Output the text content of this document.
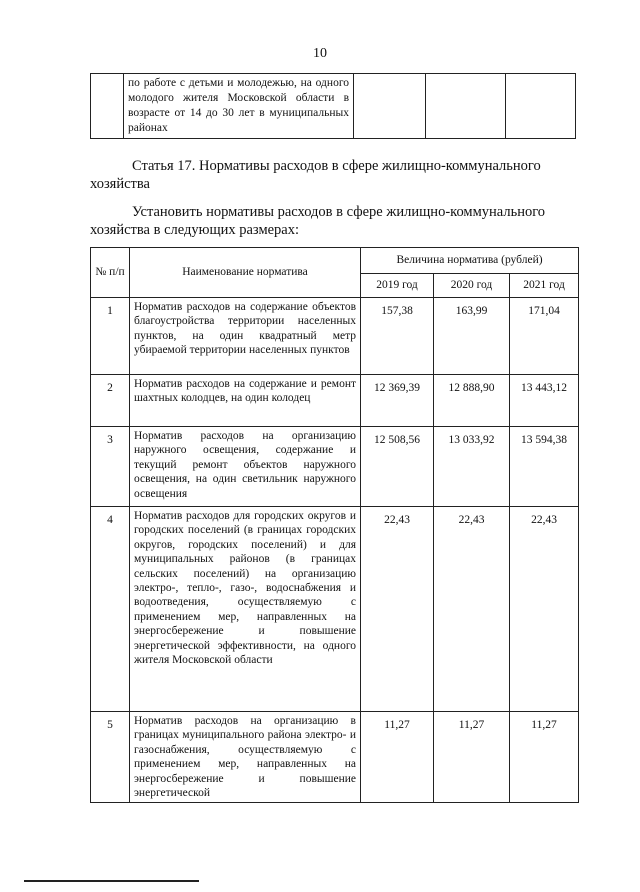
10
	по работе с детьми и молодежью, на одного молодого жителя Московской области в возрасте от 14 до 30 лет в муниципальных районах			
Статья 17. Нормативы расходов в сфере жилищно-коммунального
хозяйства
Установить нормативы расходов в сфере жилищно-коммунального
хозяйства в следующих размерах:
№ п/п	Наименование норматива	Величина норматива (рублей)		
		2019 год	2020 год	2021 год
1	Норматив расходов на содержание объектов благоустройства территории населенных пунктов, на один квадратный метр убираемой территории населенных пунктов	157,38	163,99	171,04
2	Норматив расходов на содержание и ремонт шахтных колодцев, на один колодец	12 369,39	12 888,90	13 443,12
3	Норматив расходов на организацию наружного освещения, содержание и текущий ремонт объектов наружного освещения, на один светильник наружного освещения	12 508,56	13 033,92	13 594,38
4	Норматив расходов для городских округов и городских поселений (в границах городских округов, городских поселений) и для муниципальных районов (в границах сельских поселений) на организацию электро-, тепло-, газо-, водоснабжения и водоотведения, осуществляемую с применением мер, направленных на энергосбережение и повышение энергетической эффективности, на одного жителя Московской области	22,43	22,43	22,43
5	Норматив расходов на организацию в границах муниципального района электро- и газоснабжения, осуществляемую с применением мер, направленных на энергосбережение и повышение энергетической	11,27	11,27	11,27
